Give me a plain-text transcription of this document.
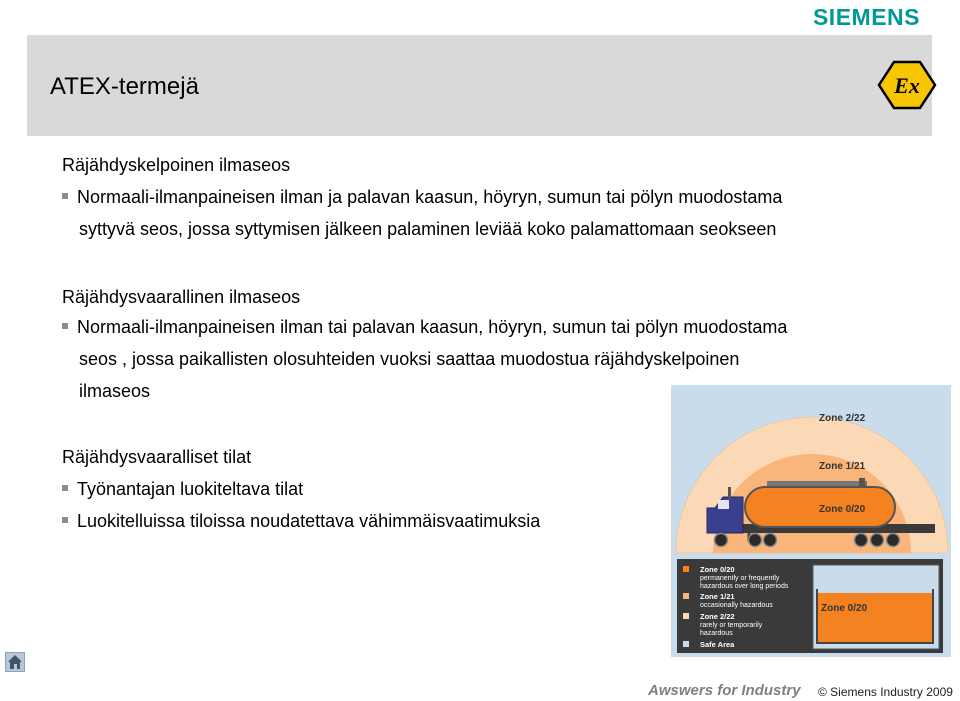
SIEMENS
ATEX-termejä	Ex
Räjähdyskelpoinen ilmaseos
Normaali-ilmanpaineisen ilman ja palavan kaasun, höyryn, sumun tai pölyn muodostama
syttyvä seos, jossa syttymisen jälkeen palaminen leviää koko palamattomaan seokseen
Räjähdysvaarallinen ilmaseos
Normaali-ilmanpaineisen ilman tai palavan kaasun, höyryn, sumun tai pölyn muodostama
seos , jossa paikallisten olosuhteiden vuoksi saattaa muodostua räjähdyskelpoinen
ilmaseos
Räjähdysvaaralliset tilat
Työnantajan luokiteltava tilat
Luokitelluissa tiloissa noudatettava vähimmäisvaatimuksia
Zone 2/22
Zone 1/21
Zone 0/20
Zone 0/20
permanently or frequently
hazardous over long periods
Zone 1/21
occasionally hazardous
Zone 2/22
rarely or temporarily
hazardous
Safe Area
Zone 0/20
Awswers for Industry © Siemens Industry 2009
